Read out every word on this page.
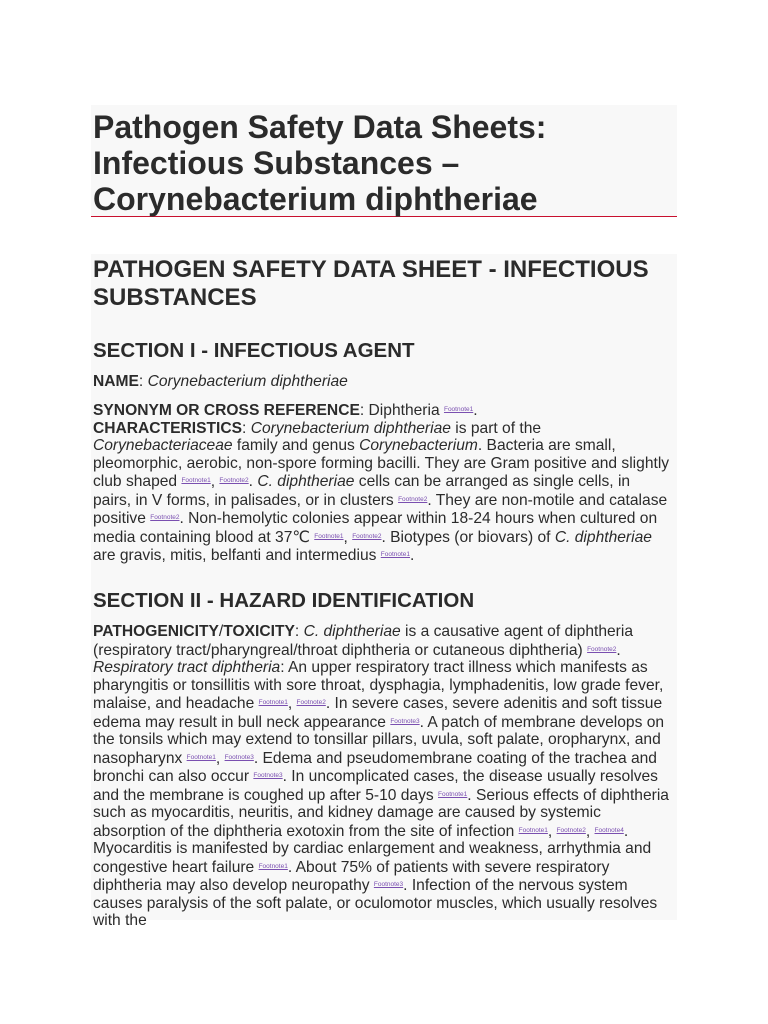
Pathogen Safety Data Sheets: Infectious Substances – Corynebacterium diphtheriae
PATHOGEN SAFETY DATA SHEET - INFECTIOUS SUBSTANCES
SECTION I - INFECTIOUS AGENT

NAME: Corynebacterium diphtheriae

SYNONYM OR CROSS REFERENCE: Diphtheria $^{Footnote1}$.
CHARACTERISTICS: Corynebacterium diphtheriae is part of the Corynebacteriaceae family and genus Corynebacterium. Bacteria are small, pleomorphic, aerobic, non-spore forming bacilli. They are Gram positive and slightly club shaped $^{Footnote1}$, $^{Footnote2}$. C. diphtheriae cells can be arranged as single cells, in pairs, in V forms, in palisades, or in clusters $^{Footnote2}$. They are non-motile and catalase positive $^{Footnote2}$. Non-hemolytic colonies appear within 18-24 hours when cultured on media containing blood at 37℃ $^{Footnote1}$, $^{Footnote2}$. Biotypes (or biovars) of C. diphtheriae are gravis, mitis, belfanti and intermedius $^{Footnote1}$.

SECTION II - HAZARD IDENTIFICATION

PATHOGENICITY/TOXICITY: C. diphtheriae is a causative agent of diphtheria (respiratory tract/pharyngreal/throat diphtheria or cutaneous diphtheria) $^{Footnote2}$.
Respiratory tract diphtheria: An upper respiratory tract illness which manifests as pharyngitis or tonsillitis with sore throat, dysphagia, lymphadenitis, low grade fever, malaise, and headache $^{Footnote1}$, $^{Footnote2}$. In severe cases, severe adenitis and soft tissue edema may result in bull neck appearance $^{Footnote3}$. A patch of membrane develops on the tonsils which may extend to tonsillar pillars, uvula, soft palate, oropharynx, and nasopharynx $^{Footnote1}$, $^{Footnote3}$. Edema and pseudomembrane coating of the trachea and bronchi can also occur $^{Footnote3}$. In uncomplicated cases, the disease usually resolves and the membrane is coughed up after 5-10 days $^{Footnote1}$. Serious effects of diphtheria such as myocarditis, neuritis, and kidney damage are caused by systemic absorption of the diphtheria exotoxin from the site of infection $^{Footnote1}$, $^{Footnote2}$, $^{Footnote4}$. Myocarditis is manifested by cardiac enlargement and weakness, arrhythmia and congestive heart failure $^{Footnote1}$. About 75% of patients with severe respiratory diphtheria may also develop neuropathy $^{Footnote3}$. Infection of the nervous system causes paralysis of the soft palate, or oculomotor muscles, which usually resolves with the
